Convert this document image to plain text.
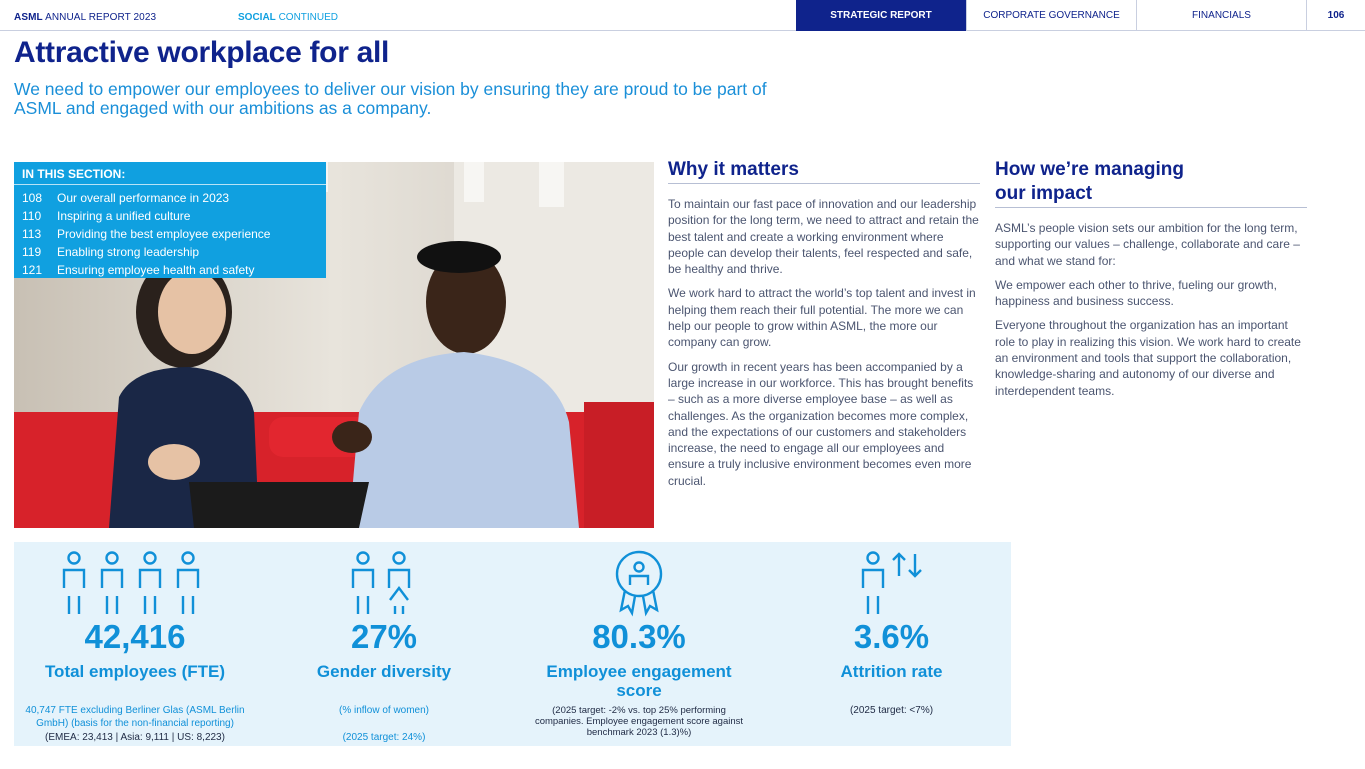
ASML ANNUAL REPORT 2023	SOCIAL CONTINUED	STRATEGIC REPORT	CORPORATE GOVERNANCE	FINANCIALS	106
Attractive workplace for all

We need to empower our employees to deliver our vision by ensuring they are proud to be part of ASML and engaged with our ambitions as a company.

IN THIS SECTION:
108	Our overall performance in 2023
110	Inspiring a unified culture
113	Providing the best employee experience
119	Enabling strong leadership
121	Ensuring employee health and safety
Why it matters

To maintain our fast pace of innovation and our leadership position for the long term, we need to attract and retain the best talent and create a working environment where people can develop their talents, feel respected and safe, be healthy and thrive.

We work hard to attract the world’s top talent and invest in helping them reach their full potential. The more we can help our people to grow within ASML, the more our company can grow.

Our growth in recent years has been accompanied by a large increase in our workforce. This has brought benefits – such as a more diverse employee base – as well as challenges. As the organization becomes more complex, and the expectations of our customers and stakeholders increase, the need to engage all our employees and ensure a truly inclusive environment becomes even more crucial.

How we’re managing
our impact

ASML’s people vision sets our ambition for the long term, supporting our values – challenge, collaborate and care – and what we stand for:

We empower each other to thrive, fueling our growth, happiness and business success.

Everyone throughout the organization has an important role to play in realizing this vision. We work hard to create an environment and tools that support the collaboration, knowledge-sharing and autonomy of our diverse and interdependent teams.

42,416
Total employees (FTE)
40,747 FTE excluding Berliner Glas (ASML Berlin GmbH) (basis for the non-financial reporting)
(EMEA: 23,413 | Asia: 9,111 | US: 8,223)
27%
Gender diversity
(% inflow of women)
(2025 target: 24%)
80.3%
Employee engagement
score
(2025 target: -2% vs. top 25% performing companies. Employee engagement score against benchmark 2023 (1.3)%)
3.6%
Attrition rate
(2025 target: <7%)
